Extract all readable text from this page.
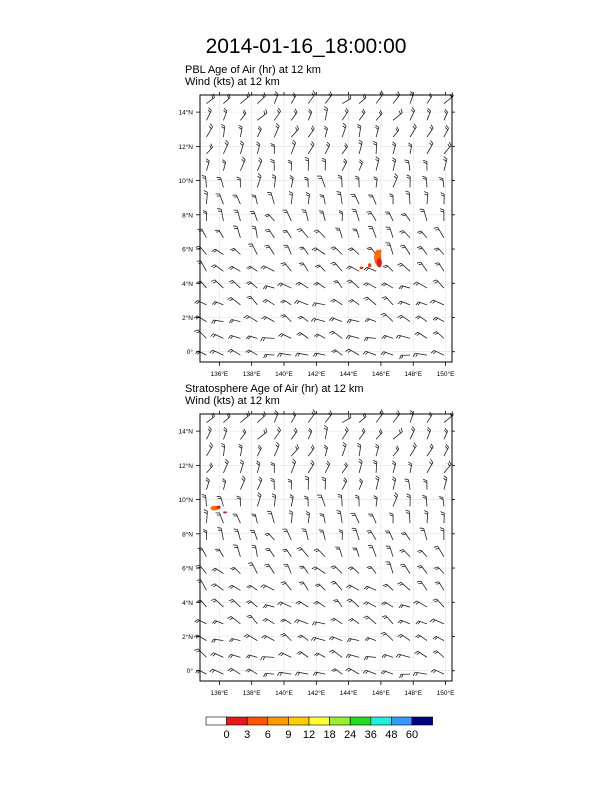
2014-01-16_18:00:00
PBL Age of Air (hr) at 12 km
Wind (kts) at 12 km
136°E 138°E 140°E 142°E 144°E 146°E 148°E 150°E
0°
2°N
4°N
6°N
8°N
10°N
12°N
14°N
Stratosphere Age of Air (hr) at 12 km
Wind (kts) at 12 km
136°E 138°E 140°E 142°E 144°E 146°E 148°E 150°E
0°
2°N
4°N
6°N
8°N
10°N
12°N
14°N
0 3 6 9 12 18 24 36 48 60
